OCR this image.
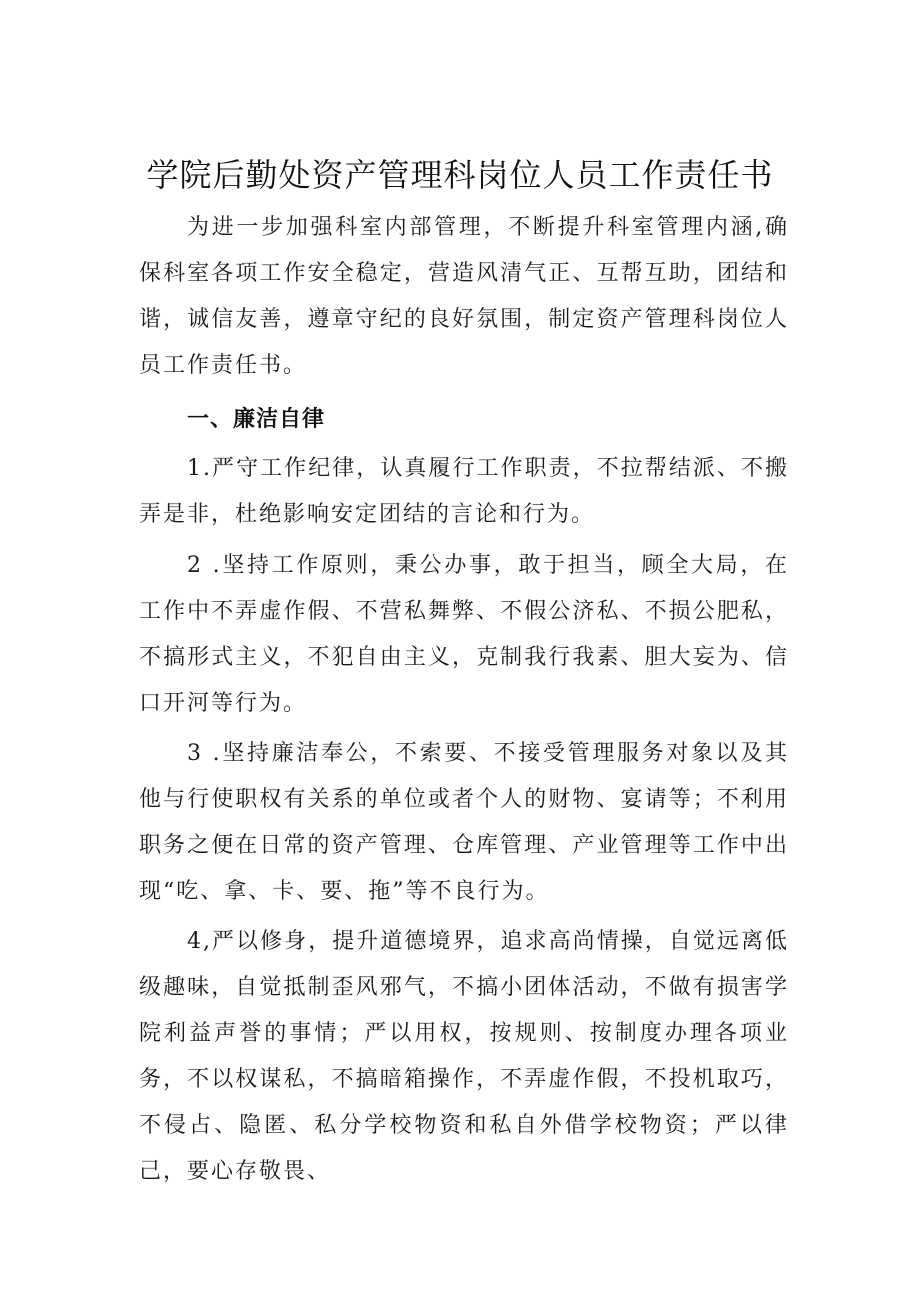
学院后勤处资产管理科岗位人员工作责任书

为进一步加强科室内部管理，不断提升科室管理内涵,确保科室各项工作安全稳定，营造风清气正、互帮互助，团结和谐，诚信友善，遵章守纪的良好氛围，制定资产管理科岗位人员工作责任书。

一、廉洁自律

1.严守工作纪律，认真履行工作职责，不拉帮结派、不搬弄是非，杜绝影响安定团结的言论和行为。

2 .坚持工作原则，秉公办事，敢于担当，顾全大局，在工作中不弄虚作假、不营私舞弊、不假公济私、不损公肥私，不搞形式主义，不犯自由主义，克制我行我素、胆大妄为、信口开河等行为。

3 .坚持廉洁奉公，不索要、不接受管理服务对象以及其他与行使职权有关系的单位或者个人的财物、宴请等；不利用职务之便在日常的资产管理、仓库管理、产业管理等工作中出现“吃、拿、卡、要、拖”等不良行为。

4,严以修身，提升道德境界，追求高尚情操，自觉远离低级趣味，自觉抵制歪风邪气，不搞小团体活动，不做有损害学院利益声誉的事情；严以用权，按规则、按制度办理各项业务，不以权谋私，不搞暗箱操作，不弄虚作假，不投机取巧，不侵占、隐匿、私分学校物资和私自外借学校物资；严以律己，要心存敬畏、
